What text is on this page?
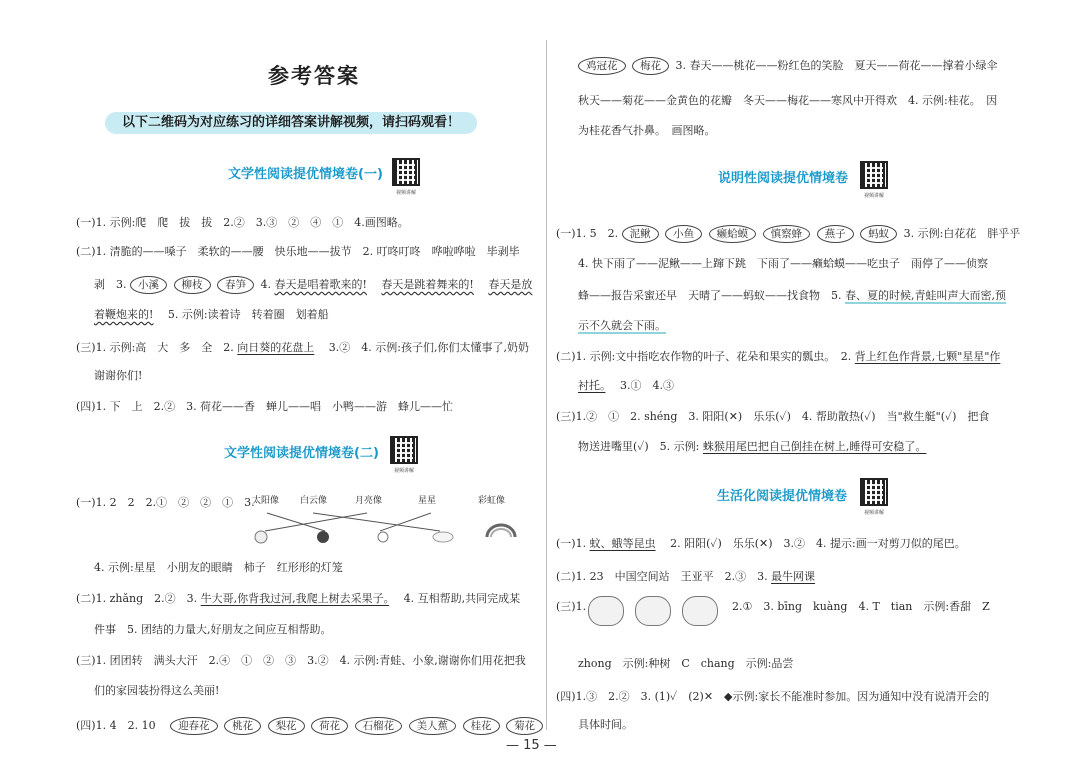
参考答案
以下二维码为对应练习的详细答案讲解视频，请扫码观看！
文学性阅读提优情境卷(一)
视频讲解
(一)1. 示例:爬　爬　拔　拔　2.②　3.③　②　④　①　4.画图略。
(二)1. 清脆的——嗓子　柔软的——腰　快乐地——拔节　2. 叮咚叮咚　哗啦哗啦　毕剥毕
剥　3. 小溪 柳枝 春笋 4. 春天是唱着歌来的!　 春天是跳着舞来的!　 春天是放
着鞭炮来的!　 5. 示例:读着诗　转着圈　划着船
(三)1. 示例:高　大　多　全　2. 向日葵的花盘上　 3.②　4. 示例:孩子们,你们太懂事了,奶奶
谢谢你们!
(四)1. 下　上　2.②　3. 荷花——香　蝉儿——唱　小鸭——游　蜂儿——忙
文学性阅读提优情境卷(二)
视频讲解
(一)1. 2　2　2.①　②　②　①　3.
太阳像 白云像	月亮像	星星	彩虹像
4. 示例:星星　小朋友的眼睛　柿子　红形形的灯笼
(二)1. zhǎng　2.②　3. 牛大哥,你背我过河,我爬上树去采果子。　 4. 互相帮助,共同完成某
件事　5. 团结的力量大,好朋友之间应互相帮助。
(三)1. 团团转　满头大汗　2.④　①　②　③　3.②　4. 示例:青蛙、小象,谢谢你们用花把我
们的家园装扮得这么美丽!
(四)1. 4　2. 10　 迎春花 桃花 梨花 荷花 石榴花 美人蕉 桂花 菊花
鸡冠花 梅花 3. 春天——桃花——粉红色的笑脸　夏天——荷花——撑着小绿伞
秋天——菊花——金黄色的花瓣　冬天——梅花——寒风中开得欢　4. 示例:桂花。　因
为桂花香气扑鼻。　画图略。
说明性阅读提优情境卷
视频讲解
(一)1. 5　2. 泥鳅 小鱼 癞蛤蟆 慎察蜂 燕子 蚂蚁 3. 示例:白花花　胖乎乎
4. 快下雨了——泥鳅——上蹿下跳　下雨了——癞蛤蟆——吃虫子　雨停了——侦察
蜂——报告采蜜还早　天晴了——蚂蚁——找食物　5. 春、夏的时候,青蛙叫声大而密,预
示不久就会下雨。
(二)1. 示例:文中指吃农作物的叶子、花朵和果实的瓢虫。　2. 背上红色作背景,七颗"星星"作
衬托。　 3.①　4.③
(三)1.②　①　2. shéng　3. 阳阳(✕)　乐乐(✓)　4. 帮助散热(✓)　当"救生艇"(✓)　把食
物送进嘴里(✓)　5. 示例: 蛛猴用尾巴把自己倒挂在树上,睡得可安稳了。
生活化阅读提优情境卷
视频讲解
(一)1. 蚊、蛾等昆虫　 2. 阳阳(✓)　乐乐(✕)　3.②　4. 提示:画一对剪刀似的尾巴。
(二)1. 23　中国空间站　王亚平　2.③　3. 最牛网课
(三)1.
	2.①　3. bīng　kuàng　4. T　tian　示例:香甜　Z
zhong　示例:种树　C　chang　示例:品尝
(四)1.③　2.②　3. (1)✓　(2)✕　◆示例:家长不能准时参加。因为通知中没有说清开会的
具体时间。
— 15 —
